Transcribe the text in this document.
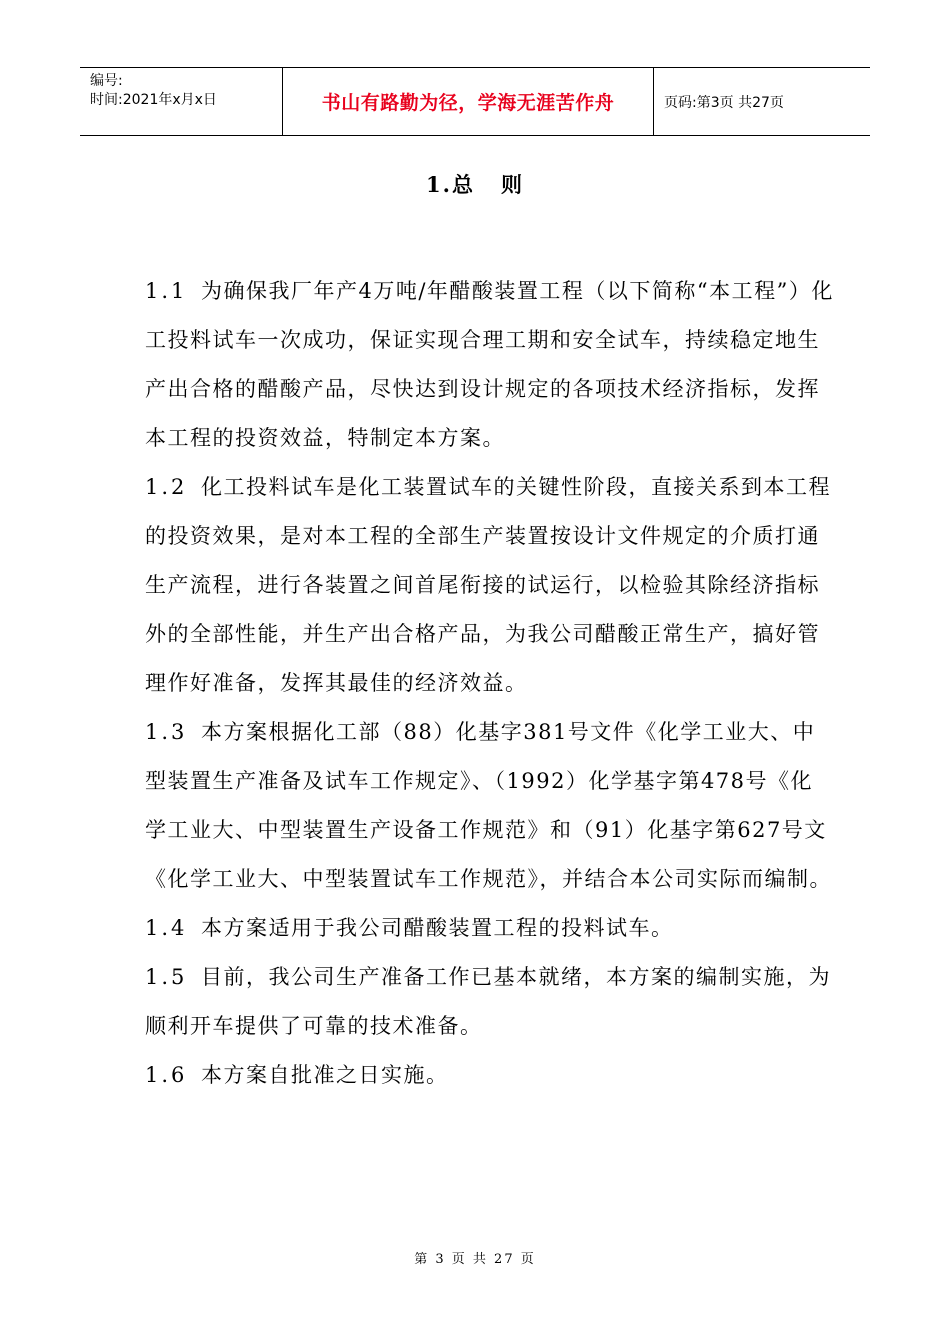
编号:
时间:2021年x月x日	书山有路勤为径，学海无涯苦作舟	页码:第3页 共27页
1.总 则

1.1 为确保我厂年产4万吨/年醋酸装置工程（以下简称“本工程”）化工投料试车一次成功，保证实现合理工期和安全试车，持续稳定地生产出合格的醋酸产品，尽快达到设计规定的各项技术经济指标，发挥本工程的投资效益，特制定本方案。

1.2 化工投料试车是化工装置试车的关键性阶段，直接关系到本工程的投资效果，是对本工程的全部生产装置按设计文件规定的介质打通生产流程，进行各装置之间首尾衔接的试运行，以检验其除经济指标外的全部性能，并生产出合格产品，为我公司醋酸正常生产，搞好管理作好准备，发挥其最佳的经济效益。

1.3 本方案根据化工部（88）化基字381号文件《化学工业大、中型装置生产准备及试车工作规定》、（1992）化学基字第478号《化学工业大、中型装置生产设备工作规范》和（91）化基字第627号文《化学工业大、中型装置试车工作规范》，并结合本公司实际而编制。

1.4 本方案适用于我公司醋酸装置工程的投料试车。

1.5 目前，我公司生产准备工作已基本就绪，本方案的编制实施，为顺利开车提供了可靠的技术准备。

1.6 本方案自批准之日实施。

第 3 页 共 27 页
